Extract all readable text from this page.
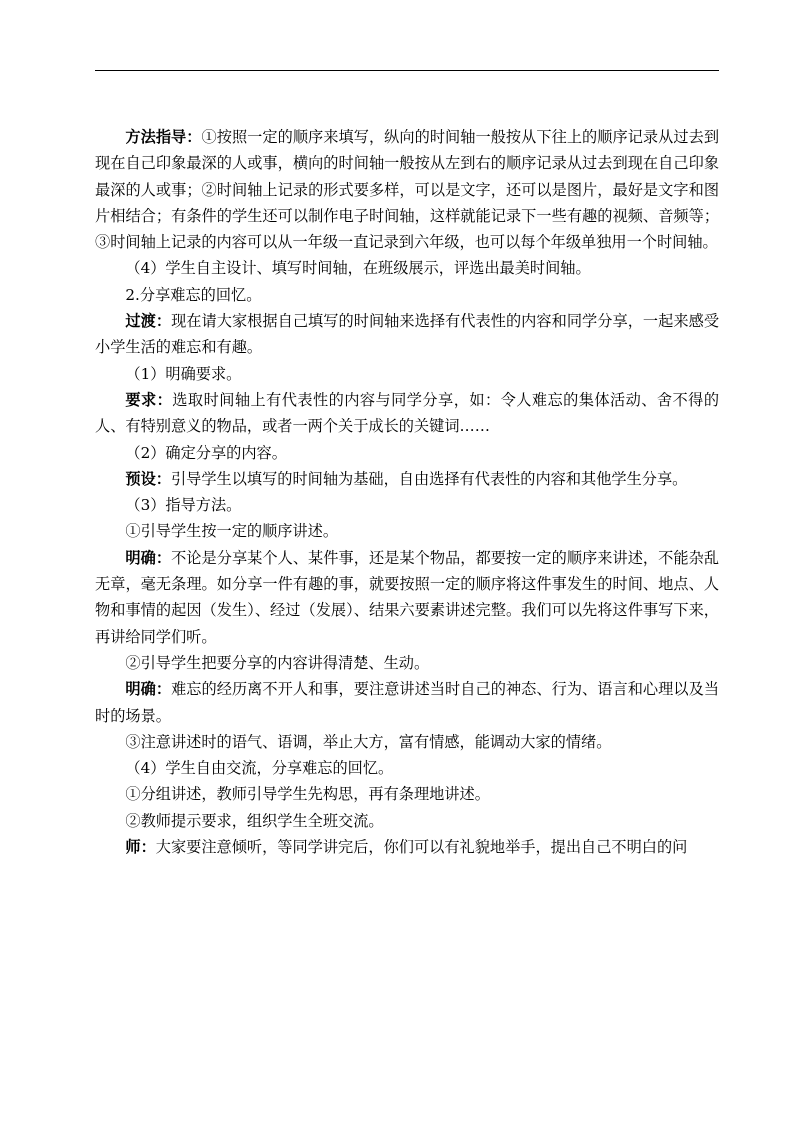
方法指导：①按照一定的顺序来填写，纵向的时间轴一般按从下往上的顺序记录从过去到现在自己印象最深的人或事，横向的时间轴一般按从左到右的顺序记录从过去到现在自己印象最深的人或事；②时间轴上记录的形式要多样，可以是文字，还可以是图片，最好是文字和图片相结合；有条件的学生还可以制作电子时间轴，这样就能记录下一些有趣的视频、音频等；③时间轴上记录的内容可以从一年级一直记录到六年级，也可以每个年级单独用一个时间轴。

（4）学生自主设计、填写时间轴，在班级展示，评选出最美时间轴。

2.分享难忘的回忆。

过渡：现在请大家根据自己填写的时间轴来选择有代表性的内容和同学分享，一起来感受小学生活的难忘和有趣。

（1）明确要求。

要求：选取时间轴上有代表性的内容与同学分享，如：令人难忘的集体活动、舍不得的人、有特别意义的物品，或者一两个关于成长的关键词……

（2）确定分享的内容。

预设：引导学生以填写的时间轴为基础，自由选择有代表性的内容和其他学生分享。

（3）指导方法。

①引导学生按一定的顺序讲述。

明确：不论是分享某个人、某件事，还是某个物品，都要按一定的顺序来讲述，不能杂乱无章，毫无条理。如分享一件有趣的事，就要按照一定的顺序将这件事发生的时间、地点、人物和事情的起因（发生）、经过（发展）、结果六要素讲述完整。我们可以先将这件事写下来，再讲给同学们听。

②引导学生把要分享的内容讲得清楚、生动。

明确：难忘的经历离不开人和事，要注意讲述当时自己的神态、行为、语言和心理以及当时的场景。

③注意讲述时的语气、语调，举止大方，富有情感，能调动大家的情绪。

（4）学生自由交流，分享难忘的回忆。

①分组讲述，教师引导学生先构思，再有条理地讲述。

②教师提示要求，组织学生全班交流。

师：大家要注意倾听，等同学讲完后，你们可以有礼貌地举手，提出自己不明白的问
